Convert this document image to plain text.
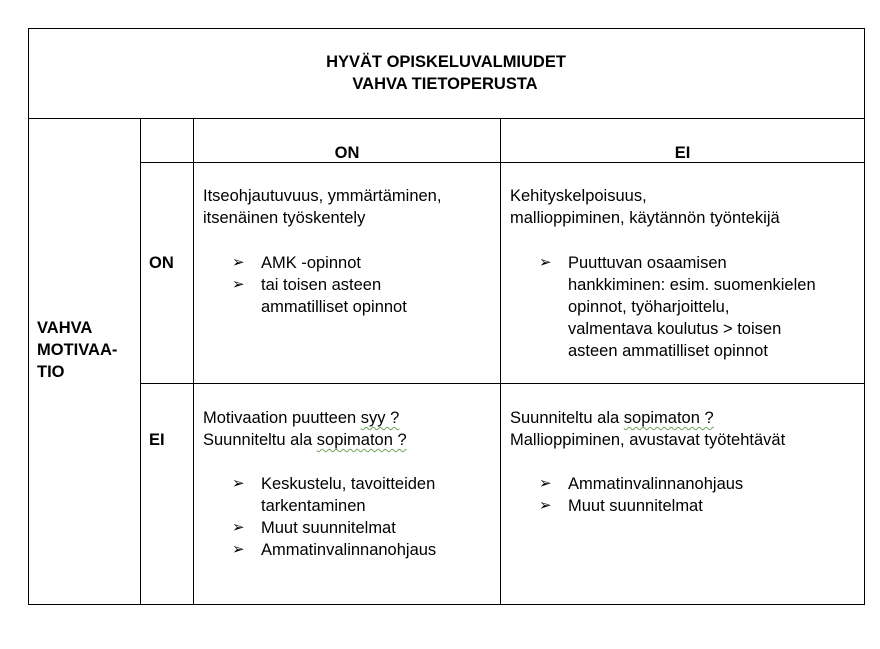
HYVÄT OPISKELUVALMIUDET
VAHVA TIETOPERUSTA
ON	EI
VAHVA
MOTIVAA-
TIO
ON
EI
Itseohjautuvuus, ymmärtäminen,
itsenäinen työskentely
➢ AMK -opinnot
➢ tai toisen asteen
ammatilliset opinnot
Kehityskelpoisuus,
mallioppiminen, käytännön työntekijä
➢ Puuttuvan osaamisen
hankkiminen: esim. suomenkielen
opinnot, työharjoittelu,
valmentava koulutus > toisen
asteen ammatilliset opinnot
Motivaation puutteen syy ?
Suunniteltu ala sopimaton ?
➢ Keskustelu, tavoitteiden
tarkentaminen
➢ Muut suunnitelmat
➢ Ammatinvalinnanohjaus
Suunniteltu ala sopimaton ?
Mallioppiminen, avustavat työtehtävät
➢ Ammatinvalinnanohjaus
➢ Muut suunnitelmat
